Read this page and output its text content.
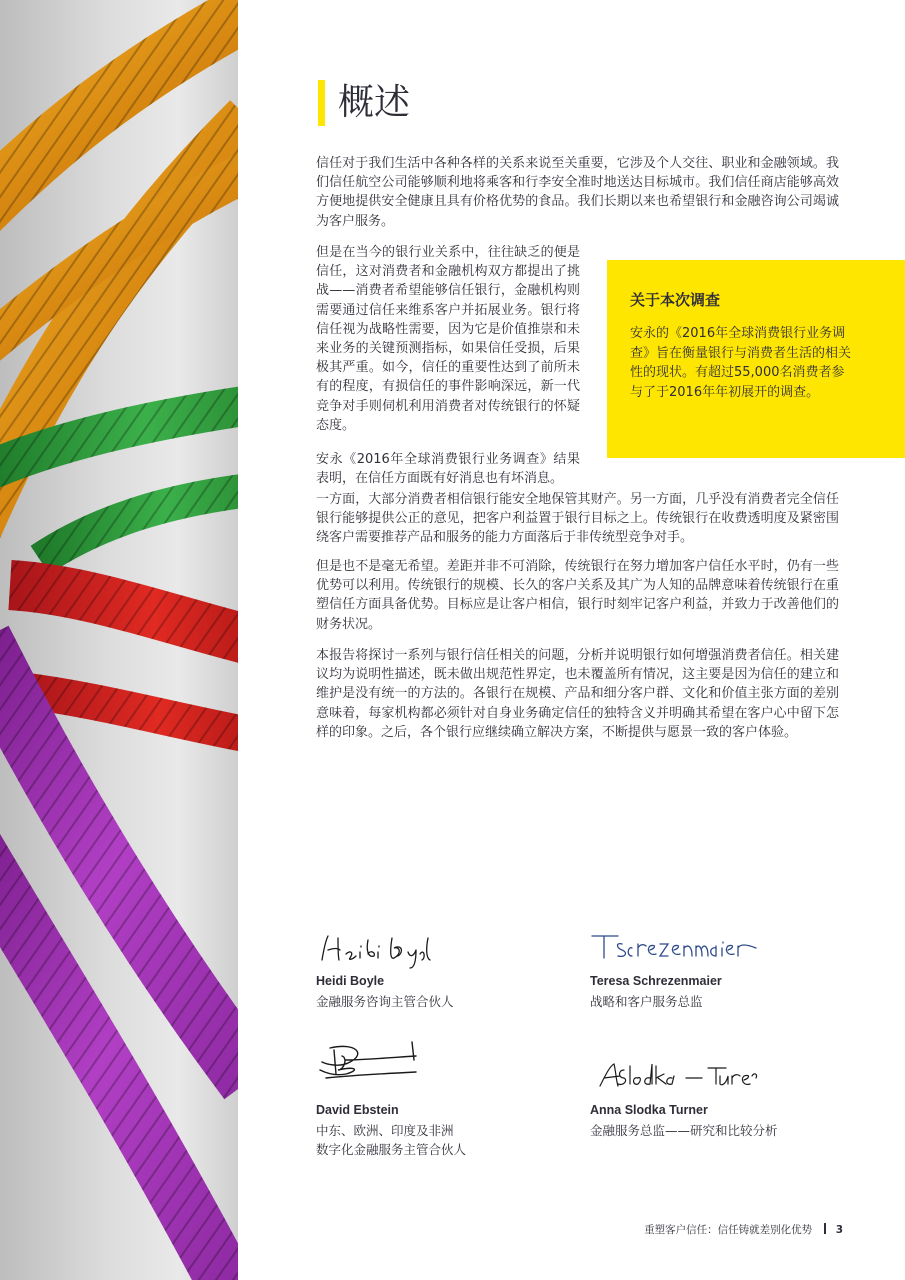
概述

信任对于我们生活中各种各样的关系来说至关重要，它涉及个人交往、职业和金融领域。我们信任航空公司能够顺利地将乘客和行李安全准时地送达目标城市。我们信任商店能够高效方便地提供安全健康且具有价格优势的食品。我们长期以来也希望银行和金融咨询公司竭诚为客户服务。

但是在当今的银行业关系中，往往缺乏的便是信任，这对消费者和金融机构双方都提出了挑战——消费者希望能够信任银行，金融机构则需要通过信任来维系客户并拓展业务。银行将信任视为战略性需要，因为它是价值推崇和未来业务的关键预测指标，如果信任受损，后果极其严重。如今，信任的重要性达到了前所未有的程度，有损信任的事件影响深远，新一代竞争对手则伺机利用消费者对传统银行的怀疑态度。

安永《2016年全球消费银行业务调查》结果表明，在信任方面既有好消息也有坏消息。

一方面，大部分消费者相信银行能安全地保管其财产。另一方面，几乎没有消费者完全信任银行能够提供公正的意见，把客户利益置于银行目标之上。传统银行在收费透明度及紧密围绕客户需要推荐产品和服务的能力方面落后于非传统型竞争对手。

但是也不是毫无希望。差距并非不可消除，传统银行在努力增加客户信任水平时，仍有一些优势可以利用。传统银行的规模、长久的客户关系及其广为人知的品牌意味着传统银行在重塑信任方面具备优势。目标应是让客户相信，银行时刻牢记客户利益，并致力于改善他们的财务状况。

本报告将探讨一系列与银行信任相关的问题，分析并说明银行如何增强消费者信任。相关建议均为说明性描述，既未做出规范性界定，也未覆盖所有情况，这主要是因为信任的建立和维护是没有统一的方法的。各银行在规模、产品和细分客户群、文化和价值主张方面的差别意味着，每家机构都必须针对自身业务确定信任的独特含义并明确其希望在客户心中留下怎样的印象。之后，各个银行应继续确立解决方案，不断提供与愿景一致的客户体验。

关于本次调查

安永的《2016年全球消费银行业务调查》旨在衡量银行与消费者生活的相关性的现状。有超过55,000名消费者参与了于2016年年初展开的调查。

Heidi Boyle
金融服务咨询主管合伙人
Teresa Schrezenmaier
战略和客户服务总监
David Ebstein
中东、欧洲、印度及非洲
数字化金融服务主管合伙人
Anna Slodka Turner
金融服务总监——研究和比较分析
重塑客户信任：信任铸就差别化优势 3
